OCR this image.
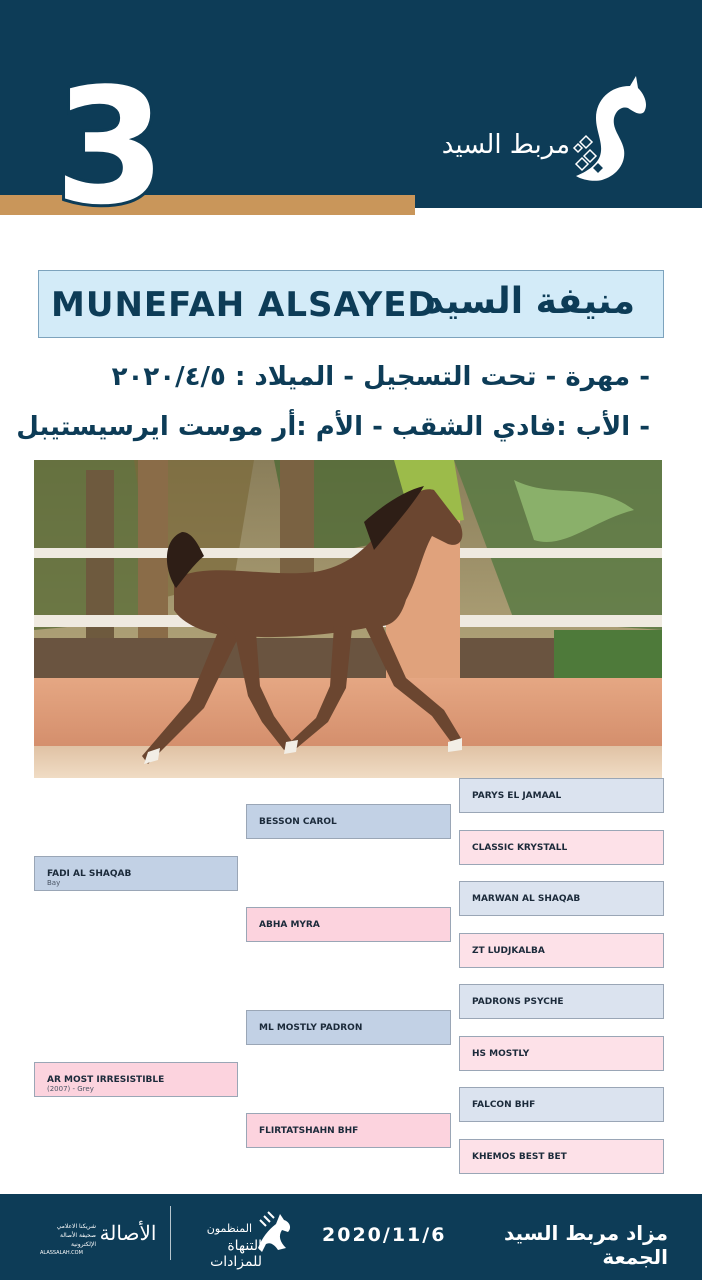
3	مربط السيد
MUNEFAH ALSAYED
منيفة السيد
- مهرة - تحت التسجيل - الميلاد : ٢٠٢٠/٤/٥
- الأب :فادي الشقب - الأم :أر موست ايرسيستيبل
FADI AL SHAQAB
Bay
AR MOST IRRESISTIBLE
(2007) - Grey
BESSON CAROL
ABHA MYRA
ML MOSTLY PADRON
FLIRTATSHAHN BHF
PARYS EL JAMAAL
CLASSIC KRYSTALL
MARWAN AL SHAQAB
ZT LUDJKALBA
PADRONS PSYCHE
HS MOSTLY
FALCON BHF
KHEMOS BEST BET
مزاد مربط السيد الجمعة
2020/11/6
المنظمون
التنهاة للمزادات
الأصالة
شريكنا الاعلامي
صحيفة الأصالة الإلكترونية
ALASSALAH.COM
